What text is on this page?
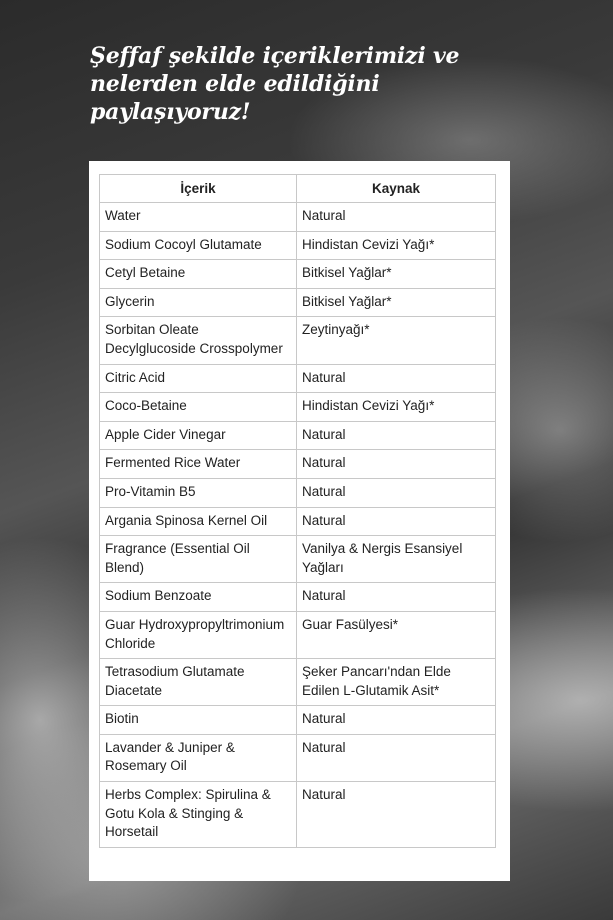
Şeffaf şekilde içeriklerimizi ve nelerden elde edildiğini paylaşıyoruz!
İçerik	Kaynak
Water	Natural
Sodium Cocoyl Glutamate	Hindistan Cevizi Yağı*
Cetyl Betaine	Bitkisel Yağlar*
Glycerin	Bitkisel Yağlar*
Sorbitan Oleate Decylglucoside Crosspolymer	Zeytinyağı*
Citric Acid	Natural
Coco-Betaine	Hindistan Cevizi Yağı*
Apple Cider Vinegar	Natural
Fermented Rice Water	Natural
Pro-Vitamin B5	Natural
Argania Spinosa Kernel Oil	Natural
Fragrance (Essential Oil Blend)	Vanilya & Nergis Esansiyel Yağları
Sodium Benzoate	Natural
Guar Hydroxypropyltrimonium Chloride	Guar Fasülyesi*
Tetrasodium Glutamate Diacetate	Şeker Pancarı'ndan Elde Edilen L-Glutamik Asit*
Biotin	Natural
Lavander & Juniper & Rosemary Oil	Natural
Herbs Complex: Spirulina & Gotu Kola & Stinging & Horsetail	Natural
